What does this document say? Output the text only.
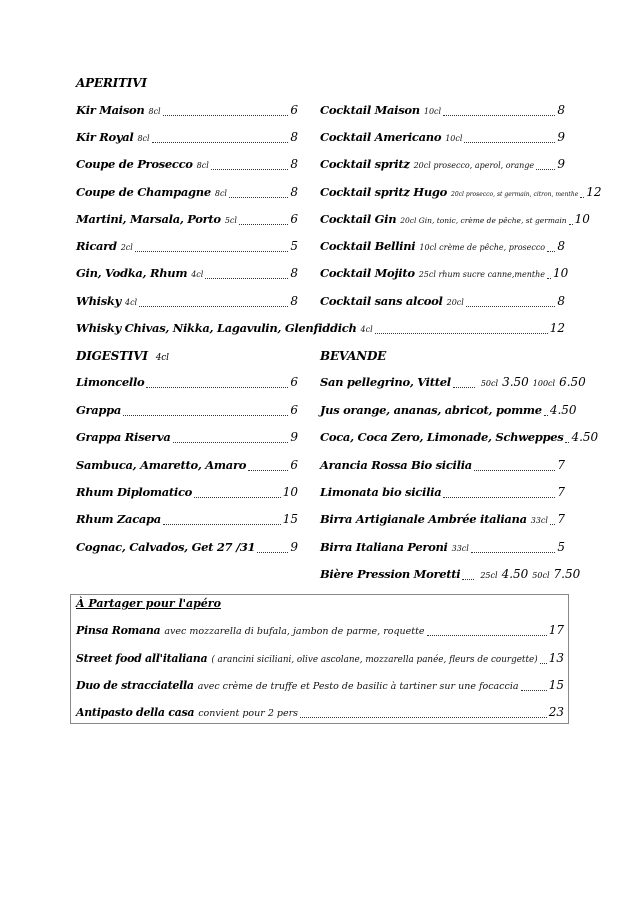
APERITIVI
Kir Maison 8cl	6
Kir Royal 8cl	8
Coupe de Prosecco 8cl	8
Coupe de Champagne 8cl	8
Martini, Marsala, Porto 5cl	6
Ricard 2cl	5
Gin, Vodka, Rhum 4cl	8
Whisky 4cl	8
Cocktail Maison 10cl	8
Cocktail Americano 10cl	9
Cocktail spritz 20cl prosecco, aperol, orange 9
Cocktail spritz Hugo 20cl prosecco, st germain, citron, menthe 12
Cocktail Gin 20cl Gin, tonic, crème de pêche, st germain 10
Cocktail Bellini 10cl crème de pêche, prosecco 8
Cocktail Mojito 25cl rhum sucre canne,menthe 10
Cocktail sans alcool 20cl	8
Whisky Chivas, Nikka, Lagavulin, Glenfiddich 4cl	12
DIGESTIVI 4cl
Limoncello	6
Grappa	6
Grappa Riserva	9
Sambuca, Amaretto, Amaro	6
Rhum Diplomatico	10
Rhum Zacapa	15
Cognac, Calvados, Get 27 /31	9
BEVANDE
San pellegrino, Vittel	50cl 3.50 100cl 6.50
Jus orange, ananas, abricot, pomme 4.50
Coca, Coca Zero, Limonade, Schweppes 4.50
Arancia Rossa Bio sicilia	7
Limonata bio sicilia	7
Birra Artigianale Ambrée italiana 33cl 7
Birra Italiana Peroni 33cl	5
Bière Pression Moretti	25cl 4.50 50cl 7.50
À Partager pour l'apéro
Pinsa Romana avec mozzarella di bufala, jambon de parme, roquette	17
Street food all'italiana ( arancini siciliani, olive ascolane, mozzarella panée, fleurs de courgette) 13
Duo de stracciatella avec crème de truffe et Pesto de basilic à tartiner sur une focaccia	15
Antipasto della casa convient pour 2 pers	23
